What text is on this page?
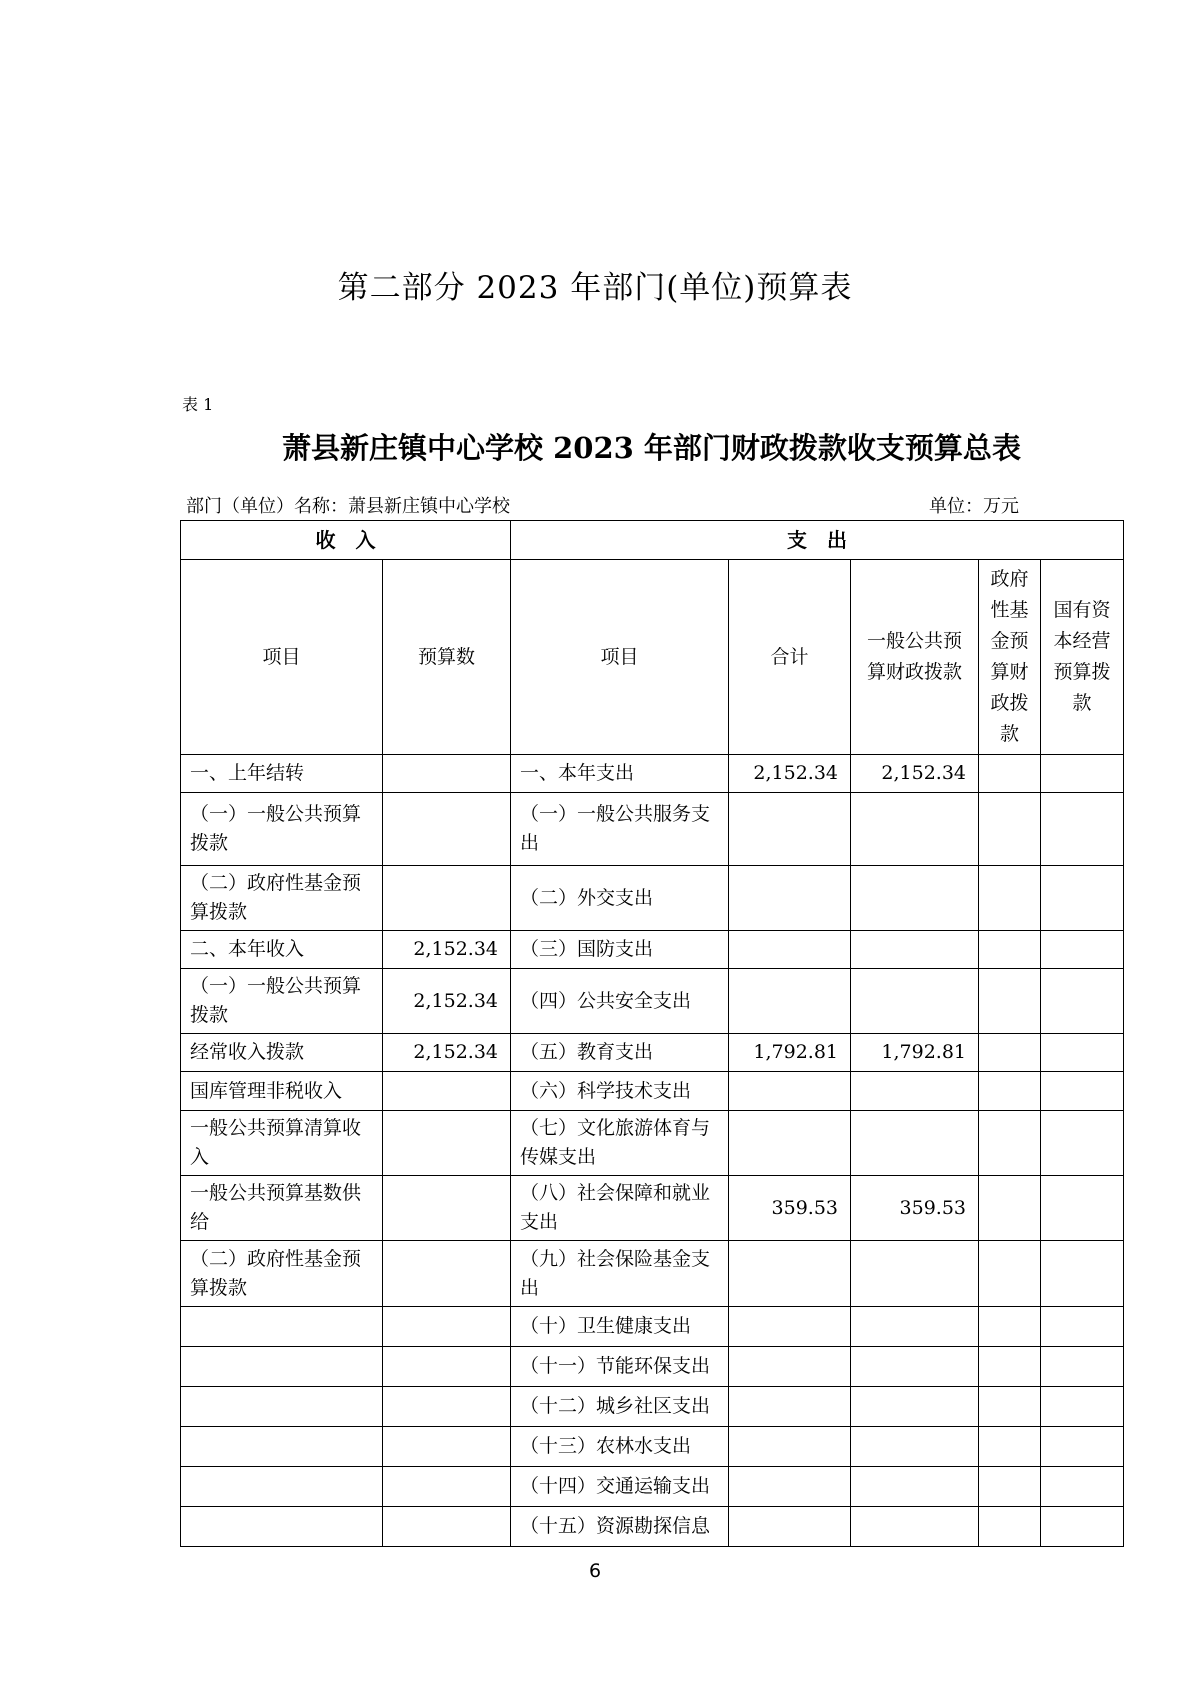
第二部分 2023 年部门(单位)预算表
表 1
萧县新庄镇中心学校 2023 年部门财政拨款收支预算总表
部门（单位）名称：萧县新庄镇中心学校	单位：万元
收　入		支　出				
项目	预算数	项目	合计	一般公共预算财政拨款	政府性基金预算财政拨款	国有资本经营预算拨款
一、上年结转		一、本年支出	2,152.34	2,152.34		
（一）一般公共预算拨款		（一）一般公共服务支出				
（二）政府性基金预算拨款		（二）外交支出				
二、本年收入	2,152.34	（三）国防支出				
（一）一般公共预算拨款	2,152.34	（四）公共安全支出				
经常收入拨款	2,152.34	（五）教育支出	1,792.81	1,792.81		
国库管理非税收入		（六）科学技术支出				
一般公共预算清算收入		（七）文化旅游体育与传媒支出				
一般公共预算基数供给		（八）社会保障和就业支出	359.53	359.53		
（二）政府性基金预算拨款		（九）社会保险基金支出				
		（十）卫生健康支出				
		（十一）节能环保支出				
		（十二）城乡社区支出				
		（十三）农林水支出				
		（十四）交通运输支出				
		（十五）资源勘探信息				
6
